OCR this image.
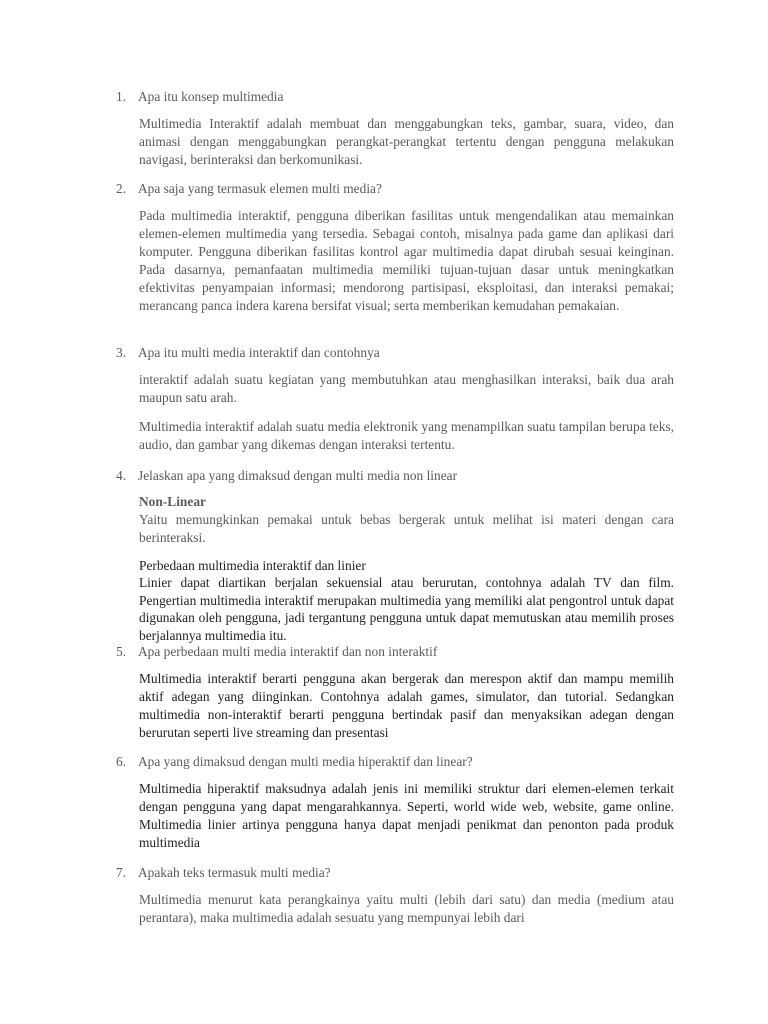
1. Apa itu konsep multimedia
Multimedia Interaktif adalah membuat dan menggabungkan teks, gambar, suara, video, dan animasi dengan menggabungkan perangkat-perangkat tertentu dengan pengguna melakukan navigasi, berinteraksi dan berkomunikasi.
2. Apa saja yang termasuk elemen multi media?
Pada multimedia interaktif, pengguna diberikan fasilitas untuk mengendalikan atau memainkan elemen-elemen multimedia yang tersedia. Sebagai contoh, misalnya pada game dan aplikasi dari komputer. Pengguna diberikan fasilitas kontrol agar multimedia dapat dirubah sesuai keinginan. Pada dasarnya, pemanfaatan multimedia memiliki tujuan-tujuan dasar untuk meningkatkan efektivitas penyampaian informasi; mendorong partisipasi, eksploitasi, dan interaksi pemakai; merancang panca indera karena bersifat visual; serta memberikan kemudahan pemakaian.
3. Apa itu multi media interaktif dan contohnya
interaktif adalah suatu kegiatan yang membutuhkan atau menghasilkan interaksi, baik dua arah maupun satu arah.
Multimedia interaktif adalah suatu media elektronik yang menampilkan suatu tampilan berupa teks, audio, dan gambar yang dikemas dengan interaksi tertentu.
4. Jelaskan apa yang dimaksud dengan multi media non linear
Non-Linear
Yaitu memungkinkan pemakai untuk bebas bergerak untuk melihat isi materi dengan cara berinteraksi.
Perbedaan multimedia interaktif dan linier
Linier dapat diartikan berjalan sekuensial atau berurutan, contohnya adalah TV dan film. Pengertian multimedia interaktif merupakan multimedia yang memiliki alat pengontrol untuk dapat digunakan oleh pengguna, jadi tergantung pengguna untuk dapat memutuskan atau memilih proses berjalannya multimedia itu.
5. Apa perbedaan multi media interaktif dan non interaktif
Multimedia interaktif berarti pengguna akan bergerak dan merespon aktif dan mampu memilih aktif adegan yang diinginkan. Contohnya adalah games, simulator, dan tutorial. Sedangkan multimedia non-interaktif berarti pengguna bertindak pasif dan menyaksikan adegan dengan berurutan seperti live streaming dan presentasi
6. Apa yang dimaksud dengan multi media hiperaktif dan linear?
Multimedia hiperaktif maksudnya adalah jenis ini memiliki struktur dari elemen-elemen terkait dengan pengguna yang dapat mengarahkannya. Seperti, world wide web, website, game online. Multimedia linier artinya pengguna hanya dapat menjadi penikmat dan penonton pada produk multimedia
7. Apakah teks termasuk multi media?
Multimedia menurut kata perangkainya yaitu multi (lebih dari satu) dan media (medium atau perantara), maka multimedia adalah sesuatu yang mempunyai lebih dari
